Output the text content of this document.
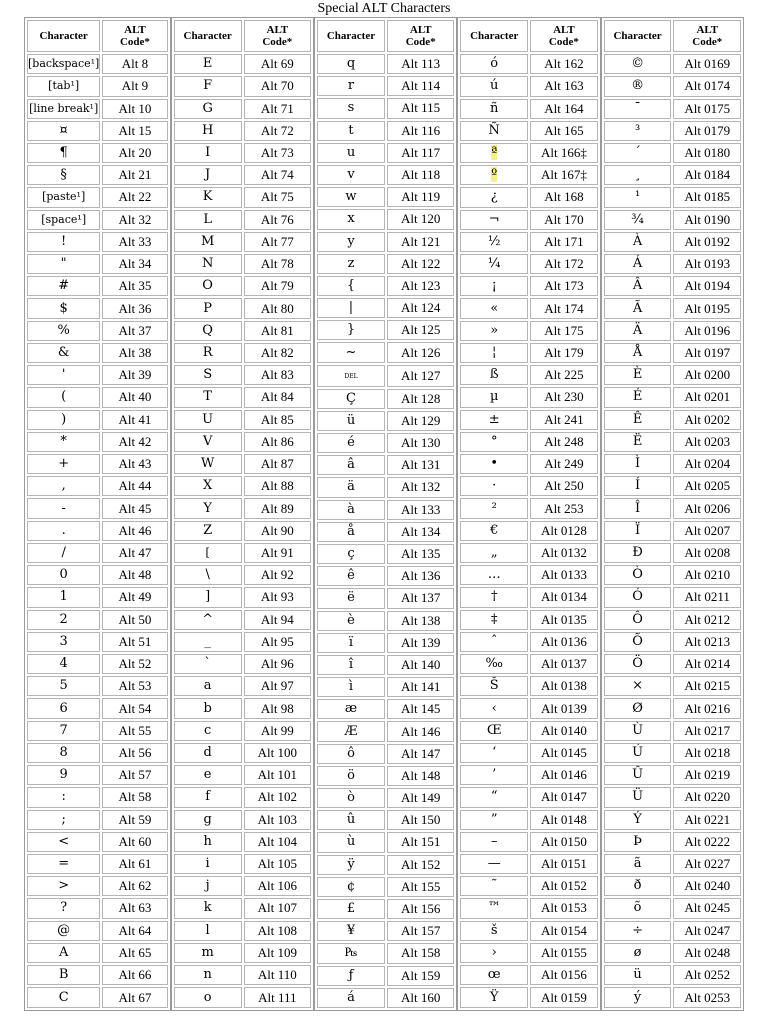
Special ALT Characters
Character	ALT
Code*
[backspace¹]	Alt 8
[tab¹]	Alt 9
[line break¹]	Alt 10
¤	Alt 15
¶	Alt 20
§	Alt 21
[paste¹]	Alt 22
[space¹]	Alt 32
!	Alt 33
"	Alt 34
#	Alt 35
$	Alt 36
%	Alt 37
&	Alt 38
'	Alt 39
(	Alt 40
)	Alt 41
*	Alt 42
+	Alt 43
,	Alt 44
-	Alt 45
.	Alt 46
/	Alt 47
0	Alt 48
1	Alt 49
2	Alt 50
3	Alt 51
4	Alt 52
5	Alt 53
6	Alt 54
7	Alt 55
8	Alt 56
9	Alt 57
:	Alt 58
;	Alt 59
<	Alt 60
=	Alt 61
>	Alt 62
?	Alt 63
@	Alt 64
A	Alt 65
B	Alt 66
C	Alt 67
Character	ALT
Code*
E	Alt 69
F	Alt 70
G	Alt 71
H	Alt 72
I	Alt 73
J	Alt 74
K	Alt 75
L	Alt 76
M	Alt 77
N	Alt 78
O	Alt 79
P	Alt 80
Q	Alt 81
R	Alt 82
S	Alt 83
T	Alt 84
U	Alt 85
V	Alt 86
W	Alt 87
X	Alt 88
Y	Alt 89
Z	Alt 90
[	Alt 91
\	Alt 92
]	Alt 93
^	Alt 94
_	Alt 95
`	Alt 96
a	Alt 97
b	Alt 98
c	Alt 99
d	Alt 100
e	Alt 101
f	Alt 102
g	Alt 103
h	Alt 104
i	Alt 105
j	Alt 106
k	Alt 107
l	Alt 108
m	Alt 109
n	Alt 110
o	Alt 111
Character	ALT
Code*
q	Alt 113
r	Alt 114
s	Alt 115
t	Alt 116
u	Alt 117
v	Alt 118
w	Alt 119
x	Alt 120
y	Alt 121
z	Alt 122
{	Alt 123
|	Alt 124
}	Alt 125
~	Alt 126
DEL	Alt 127
Ç	Alt 128
ü	Alt 129
é	Alt 130
â	Alt 131
ä	Alt 132
à	Alt 133
å	Alt 134
ç	Alt 135
ê	Alt 136
ë	Alt 137
è	Alt 138
ï	Alt 139
î	Alt 140
ì	Alt 141
æ	Alt 145
Æ	Alt 146
ô	Alt 147
ö	Alt 148
ò	Alt 149
û	Alt 150
ù	Alt 151
ÿ	Alt 152
¢	Alt 155
£	Alt 156
¥	Alt 157
₧	Alt 158
ƒ	Alt 159
á	Alt 160
Character	ALT
Code*
ó	Alt 162
ú	Alt 163
ñ	Alt 164
Ñ	Alt 165
ª	Alt 166‡
º	Alt 167‡
¿	Alt 168
¬	Alt 170
½	Alt 171
¼	Alt 172
¡	Alt 173
«	Alt 174
»	Alt 175
¦	Alt 179
ß	Alt 225
µ	Alt 230
±	Alt 241
°	Alt 248
•	Alt 249
·	Alt 250
²	Alt 253
€	Alt 0128
„	Alt 0132
…	Alt 0133
†	Alt 0134
‡	Alt 0135
ˆ	Alt 0136
‰	Alt 0137
Š	Alt 0138
‹	Alt 0139
Œ	Alt 0140
‘	Alt 0145
’	Alt 0146
“	Alt 0147
”	Alt 0148
–	Alt 0150
—	Alt 0151
˜	Alt 0152
™	Alt 0153
š	Alt 0154
›	Alt 0155
œ	Alt 0156
Ÿ	Alt 0159
Character	ALT
Code*
©	Alt 0169
®	Alt 0174
¯	Alt 0175
³	Alt 0179
´	Alt 0180
¸	Alt 0184
¹	Alt 0185
¾	Alt 0190
À	Alt 0192
Á	Alt 0193
Â	Alt 0194
Ã	Alt 0195
Ä	Alt 0196
Å	Alt 0197
È	Alt 0200
É	Alt 0201
Ê	Alt 0202
Ë	Alt 0203
Ì	Alt 0204
Í	Alt 0205
Î	Alt 0206
Ï	Alt 0207
Ð	Alt 0208
Ò	Alt 0210
Ó	Alt 0211
Ô	Alt 0212
Õ	Alt 0213
Ö	Alt 0214
×	Alt 0215
Ø	Alt 0216
Ù	Alt 0217
Ú	Alt 0218
Û	Alt 0219
Ü	Alt 0220
Ý	Alt 0221
Þ	Alt 0222
ã	Alt 0227
ð	Alt 0240
õ	Alt 0245
÷	Alt 0247
ø	Alt 0248
ü	Alt 0252
ý	Alt 0253
